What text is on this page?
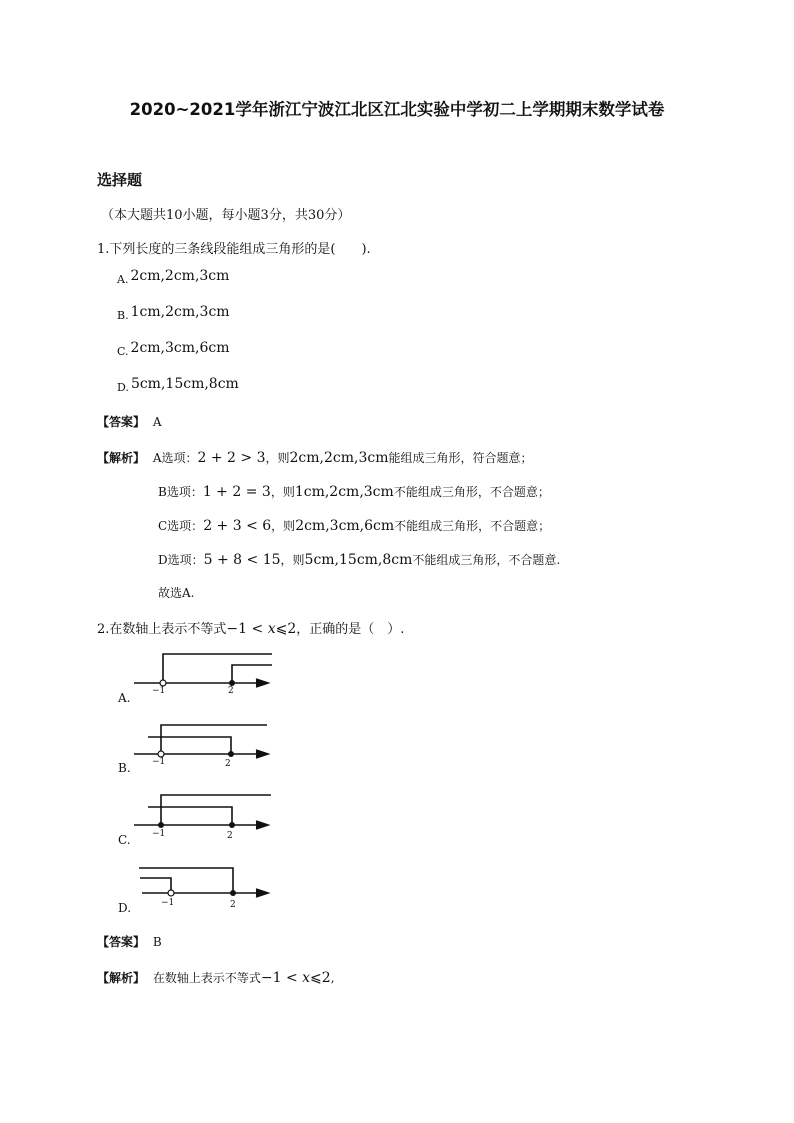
2020~2021学年浙江宁波江北区江北实验中学初二上学期期末数学试卷
选择题
（本大题共10小题，每小题3分，共30分）
1.下列长度的三条线段能组成三角形的是(　　).
$_{A.}$ 2cm,2cm,3cm
$_{B.}$ 1cm,2cm,3cm
$_{C.}$ 2cm,3cm,6cm
$_{D.}$ 5cm,15cm,8cm
【答案】 A
【解析】 A选项：2 + 2 > 3，则2cm,2cm,3cm能组成三角形，符合题意；
B选项：1 + 2 = 3，则1cm,2cm,3cm不能组成三角形，不合题意；
C选项：2 + 3 < 6，则2cm,3cm,6cm不能组成三角形，不合题意；
D选项：5 + 8 < 15，则5cm,15cm,8cm不能组成三角形，不合题意.
故选A.
2.在数轴上表示不等式−1 < x⩽2，正确的是（　）.
A. −1	2
B. −1	2
C. −1	2
D.	−1	2
【答案】 B
【解析】 在数轴上表示不等式−1 < x⩽2,
